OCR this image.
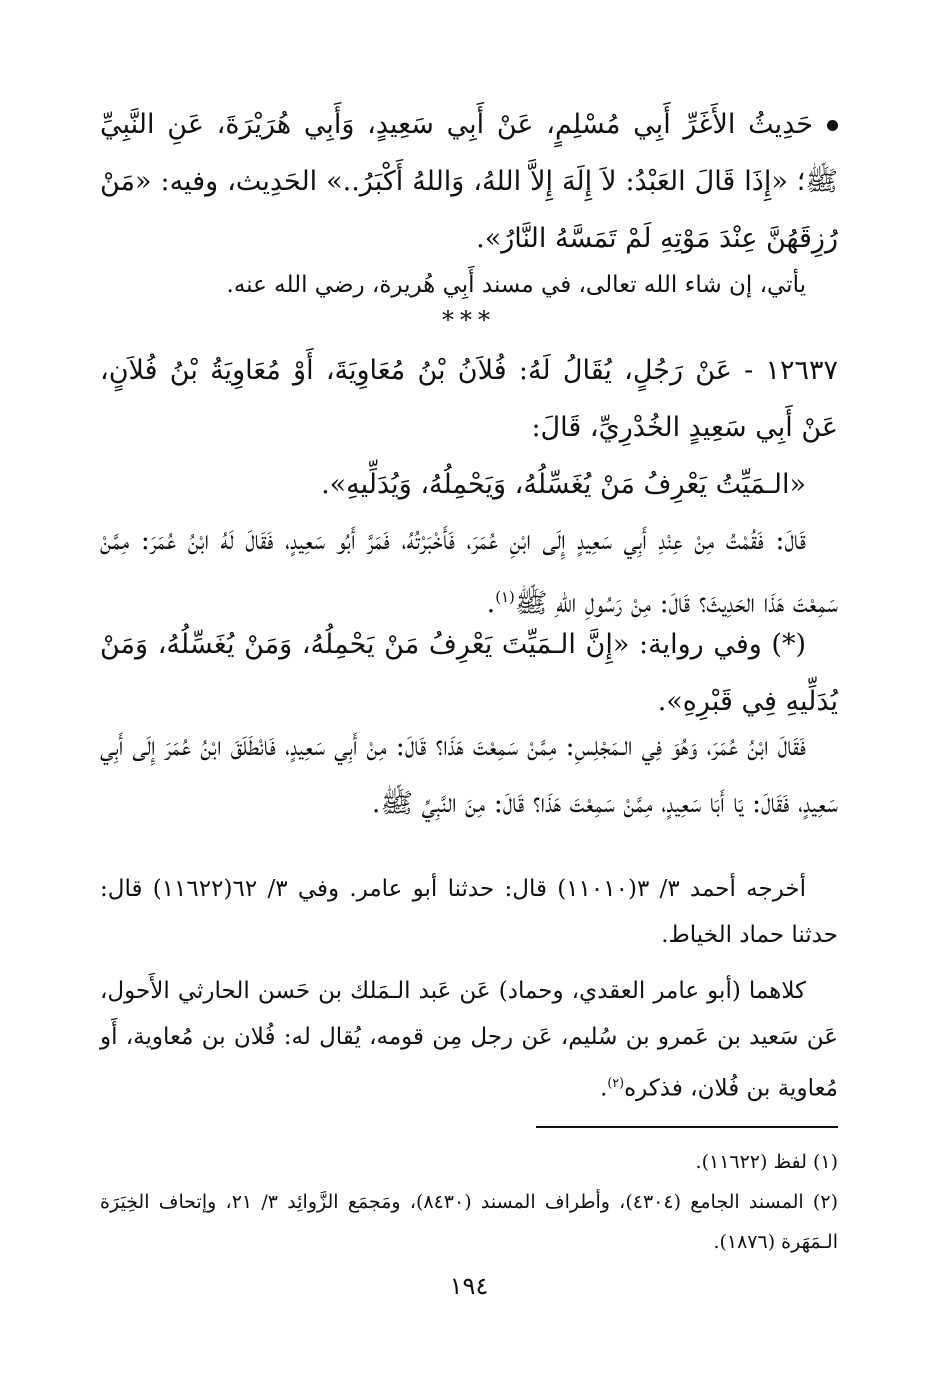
حَدِيثُ الأَغَرِّ أَبِي مُسْلِمٍ، عَنْ أَبِي سَعِيدٍ، وَأَبِي هُرَيْرَةَ، عَنِ النَّبِيِّ ﷺ؛ «إِذَا قَالَ العَبْدُ: لاَ إِلَهَ إِلاَّ اللهُ، وَاللهُ أَكْبَرُ..» الحَدِيث، وفيه: «مَنْ رُزِقَهُنَّ عِنْدَ مَوْتِهِ لَمْ تَمَسَّهُ النَّارُ».

يأتي، إن شاء الله تعالى، في مسند أَبِي هُريرة، رضي الله عنه.

***

١٢٦٣٧ - عَنْ رَجُلٍ، يُقَالُ لَهُ: فُلاَنُ بْنُ مُعَاوِيَةَ، أَوْ مُعَاوِيَةُ بْنُ فُلاَنٍ، عَنْ أَبِي سَعِيدٍ الخُدْرِيِّ، قَالَ:

«الـمَيِّتُ يَعْرِفُ مَنْ يُغَسِّلُهُ، وَيَحْمِلُهُ، وَيُدَلِّيهِ».

قَالَ: فَقُمْتُ مِنْ عِنْدِ أَبِي سَعِيدٍ إِلَى ابْنِ عُمَرَ، فَأَخْبَرْتُهُ، فَمَرَّ أَبُو سَعِيدٍ، فَقَالَ لَهُ ابْنُ عُمَرَ: مِمَّنْ سَمِعْتَ هَذَا الحَدِيثَ؟ قَالَ: مِنْ رَسُولِ اللهِ ﷺ$^{(١)}$.

(*) وفي رواية: «إِنَّ الـمَيِّتَ يَعْرِفُ مَنْ يَحْمِلُهُ، وَمَنْ يُغَسِّلُهُ، وَمَنْ يُدَلِّيهِ فِي قَبْرِهِ».

فَقَالَ ابْنُ عُمَرَ، وَهُوَ فِي الـمَجْلِسِ: مِمَّنْ سَمِعْتَ هَذَا؟ قَالَ: مِنْ أَبِي سَعِيدٍ، فَانْطَلَقَ ابْنُ عُمَرَ إِلَى أَبِي سَعِيدٍ، فَقَالَ: يَا أَبَا سَعِيدٍ، مِمَّنْ سَمِعْتَ هَذَا؟ قَالَ: مِنَ النَّبِيِّ ﷺ.

أخرجه أحمد ٣/ ٣(١١٠١٠) قال: حدثنا أبو عامر. وفي ٣/ ٦٢(١١٦٢٢) قال: حدثنا حماد الخياط.

كلاهما (أبو عامر العقدي، وحماد) عَن عَبد الـمَلك بن حَسن الحارثي الأَحول، عَن سَعيد بن عَمرو بن سُليم، عَن رجل مِن قومه، يُقال له: فُلان بن مُعاوية، أَو مُعاوية بن فُلان، فذكره$^{(٢)}$.

(١) لفظ (١١٦٢٢).

(٢) المسند الجامع (٤٣٠٤)، وأطراف المسند (٨٤٣٠)، ومَجمَع الزَّوائِد ٣/ ٢١، وإتحاف الخِيَرَة الـمَهَرة (١٨٧٦).

١٩٤
